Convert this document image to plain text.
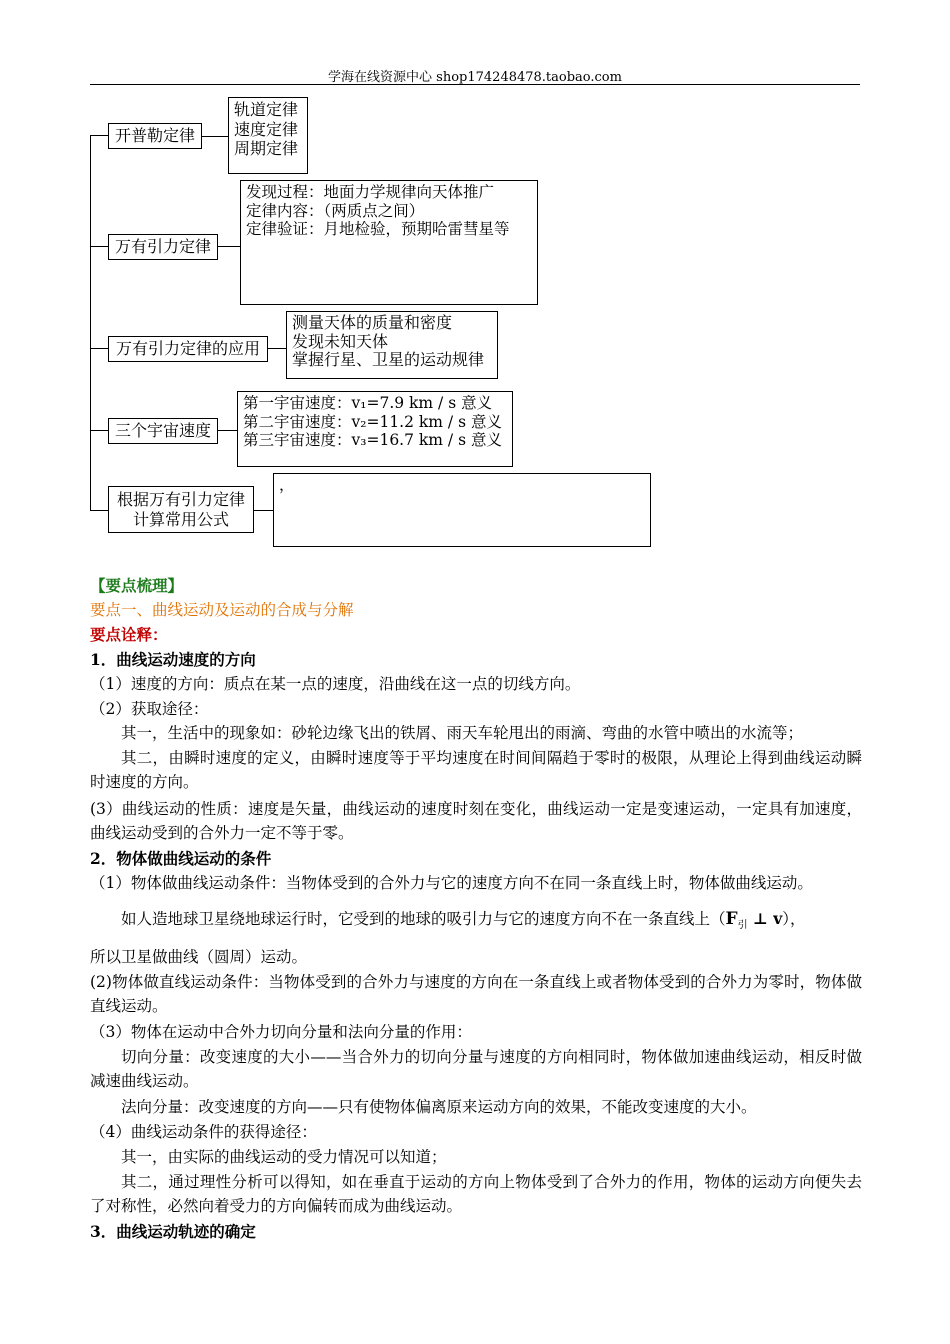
学海在线资源中心 shop174248478.taobao.com
开普勒定律
轨道定律
速度定律
周期定律
万有引力定律
发现过程：地面力学规律向天体推广
定律内容：（两质点之间）
定律验证：月地检验，预期哈雷彗星等
万有引力定律的应用
测量天体的质量和密度
发现未知天体
掌握行星、卫星的运动规律
三个宇宙速度
第一宇宙速度：v₁=7.9 km / s 意义
第二宇宙速度：v₂=11.2 km / s 意义
第三宇宙速度：v₃=16.7 km / s 意义
根据万有引力定律
计算常用公式
，
【要点梳理】
要点一、曲线运动及运动的合成与分解
要点诠释：
1．曲线运动速度的方向
（1）速度的方向：质点在某一点的速度，沿曲线在这一点的切线方向。
（2）获取途径：
其一，生活中的现象如：砂轮边缘飞出的铁屑、雨天车轮甩出的雨滴、弯曲的水管中喷出的水流等；
其二，由瞬时速度的定义，由瞬时速度等于平均速度在时间间隔趋于零时的极限，从理论上得到曲线运动瞬时速度的方向。
(3）曲线运动的性质：速度是矢量，曲线运动的速度时刻在变化，曲线运动一定是变速运动，一定具有加速度，曲线运动受到的合外力一定不等于零。
2．物体做曲线运动的条件
（1）物体做曲线运动条件：当物体受到的合外力与它的速度方向不在同一条直线上时，物体做曲线运动。
如人造地球卫星绕地球运行时，它受到的地球的吸引力与它的速度方向不在一条直线上（$F_引$ ⊥ v），
所以卫星做曲线（圆周）运动。
(2)物体做直线运动条件：当物体受到的合外力与速度的方向在一条直线上或者物体受到的合外力为零时，物体做直线运动。
（3）物体在运动中合外力切向分量和法向分量的作用：
切向分量：改变速度的大小——当合外力的切向分量与速度的方向相同时，物体做加速曲线运动，相反时做减速曲线运动。
法向分量：改变速度的方向——只有使物体偏离原来运动方向的效果，不能改变速度的大小。
（4）曲线运动条件的获得途径：
其一，由实际的曲线运动的受力情况可以知道；
其二，通过理性分析可以得知，如在垂直于运动的方向上物体受到了合外力的作用，物体的运动方向便失去了对称性，必然向着受力的方向偏转而成为曲线运动。
3．曲线运动轨迹的确定
